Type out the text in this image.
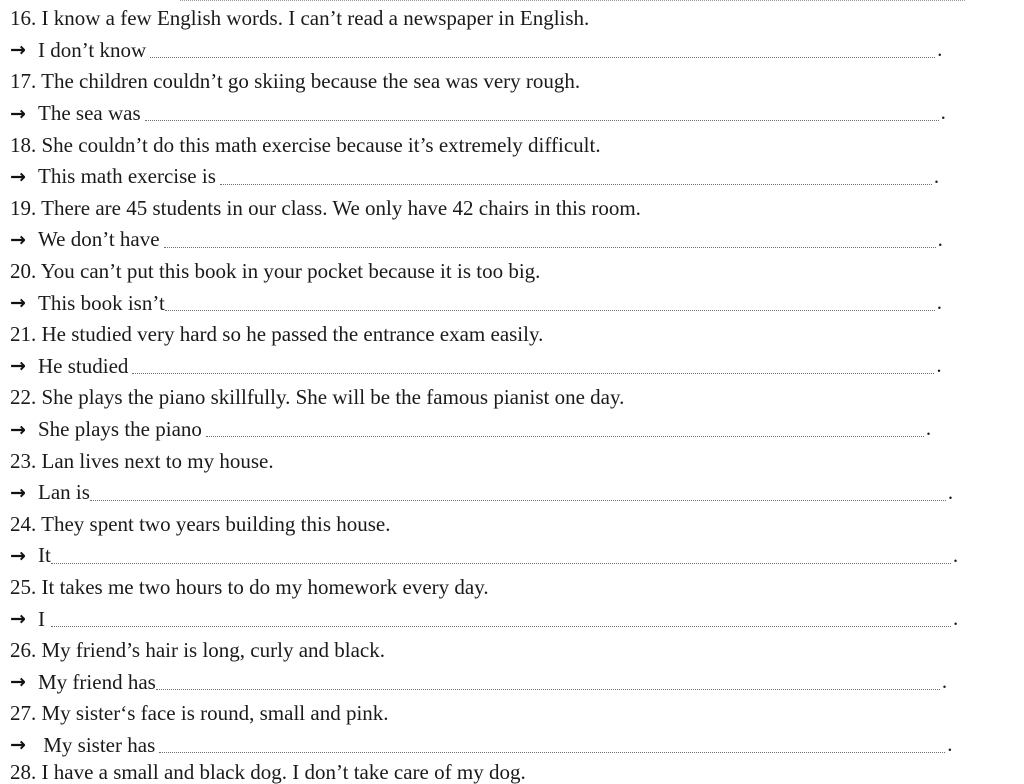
16. I know a few English words. I can’t read a newspaper in English.
→ I don’t know	.
17. The children couldn’t go skiing because the sea was very rough.
→ The sea was	.
18. She couldn’t do this math exercise because it’s extremely difficult.
→ This math exercise is	.
19. There are 45 students in our class. We only have 42 chairs in this room.
→ We don’t have	.
20. You can’t put this book in your pocket because it is too big.
→ This book isn’t	.
21. He studied very hard so he passed the entrance exam easily.
→ He studied	.
22. She plays the piano skillfully. She will be the famous pianist one day.
→ She plays the piano	.
23. Lan lives next to my house.
→ Lan is	.
24. They spent two years building this house.
→ It	.
25. It takes me two hours to do my homework every day.
→ I	.
26. My friend’s hair is long, curly and black.
→ My friend has	.
27. My sister‘s face is round, small and pink.
→ My sister has	.
28. I have a small and black dog. I don’t take care of my dog.
